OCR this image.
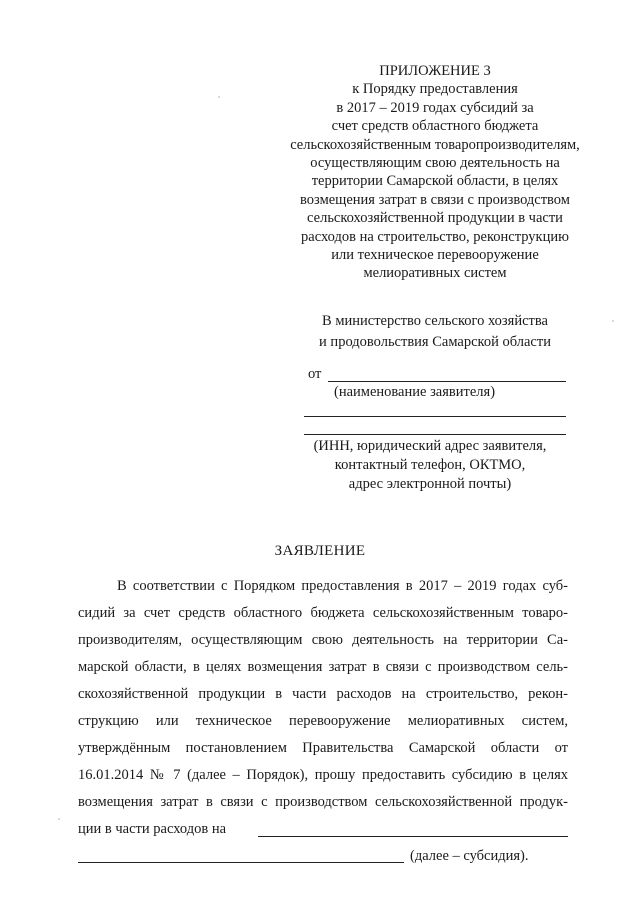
ПРИЛОЖЕНИЕ 3
к Порядку предоставления
в 2017 – 2019 годах субсидий за
счет средств областного бюджета
сельскохозяйственным товаропроизводителям,
осуществляющим свою деятельность на
территории Самарской области, в целях
возмещения затрат в связи с производством
сельскохозяйственной продукции в части
расходов на строительство, реконструкцию
или техническое перевооружение
мелиоративных систем
В министерство сельского хозяйства
и продовольствия Самарской области
от
(наименование заявителя)
(ИНН, юридический адрес заявителя,
контактный телефон, ОКТМО,
адрес электронной почты)
ЗАЯВЛЕНИЕ
В соответствии с Порядком предоставления в 2017 – 2019 годах суб-
сидий за счет средств областного бюджета сельскохозяйственным товаро-
производителям, осуществляющим свою деятельность на территории Са-
марской области, в целях возмещения затрат в связи с производством сель-
скохозяйственной продукции в части расходов на строительство, рекон-
струкцию или техническое перевооружение мелиоративных систем,
утверждённым постановлением Правительства Самарской области от
16.01.2014 № 7 (далее – Порядок), прошу предоставить субсидию в целях
возмещения затрат в связи с производством сельскохозяйственной продук-
ции в части расходов на
(далее – субсидия).
